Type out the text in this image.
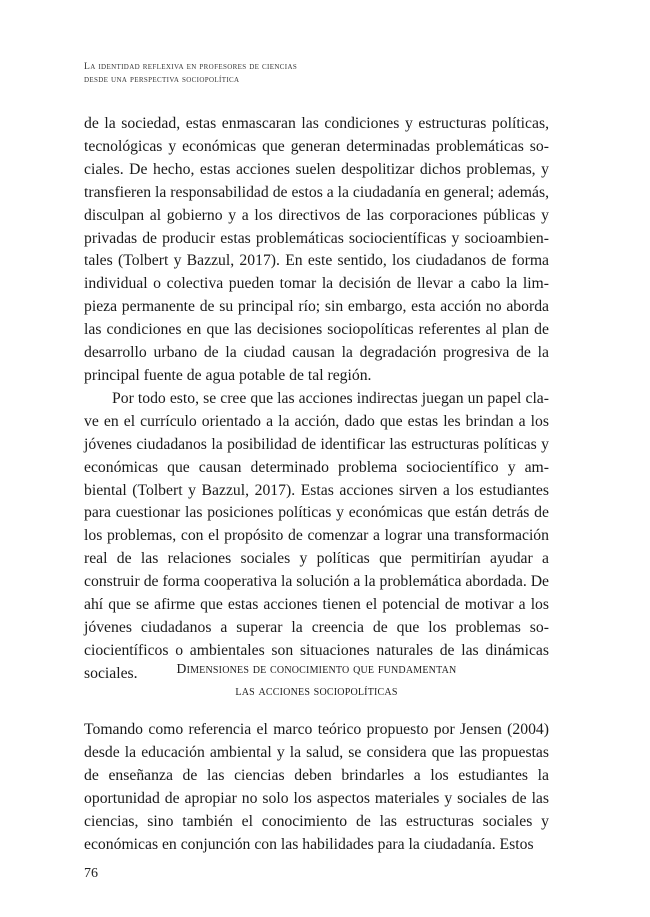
La identidad reflexiva en profesores de ciencias
desde una perspectiva sociopolítica

de la sociedad, estas enmascaran las condiciones y estructuras políticas, tecnológicas y económicas que generan determinadas problemáticas sociales. De hecho, estas acciones suelen despolitizar dichos problemas, y transfieren la responsabilidad de estos a la ciudadanía en general; además, disculpan al gobierno y a los directivos de las corporaciones públicas y privadas de producir estas problemáticas sociocientíficas y socioambientales (Tolbert y Bazzul, 2017). En este sentido, los ciudadanos de forma individual o colectiva pueden tomar la decisión de llevar a cabo la limpieza permanente de su principal río; sin embargo, esta acción no aborda las condiciones en que las decisiones sociopolíticas referentes al plan de desarrollo urbano de la ciudad causan la degradación progresiva de la principal fuente de agua potable de tal región.

Por todo esto, se cree que las acciones indirectas juegan un papel clave en el currículo orientado a la acción, dado que estas les brindan a los jóvenes ciudadanos la posibilidad de identificar las estructuras políticas y económicas que causan determinado problema sociocientífico y ambiental (Tolbert y Bazzul, 2017). Estas acciones sirven a los estudiantes para cuestionar las posiciones políticas y económicas que están detrás de los problemas, con el propósito de comenzar a lograr una transformación real de las relaciones sociales y políticas que permitirían ayudar a construir de forma cooperativa la solución a la problemática abordada. De ahí que se afirme que estas acciones tienen el potencial de motivar a los jóvenes ciudadanos a superar la creencia de que los problemas sociocientíficos o ambientales son situaciones naturales de las dinámicas sociales.	Dimensiones de conocimiento que fundamentan
las acciones sociopolíticas

Tomando como referencia el marco teórico propuesto por Jensen (2004) desde la educación ambiental y la salud, se considera que las propuestas de enseñanza de las ciencias deben brindarles a los estudiantes la oportunidad de apropiar no solo los aspectos materiales y sociales de las ciencias, sino también el conocimiento de las estructuras sociales y económicas en conjunción con las habilidades para la ciudadanía. Estos

76
